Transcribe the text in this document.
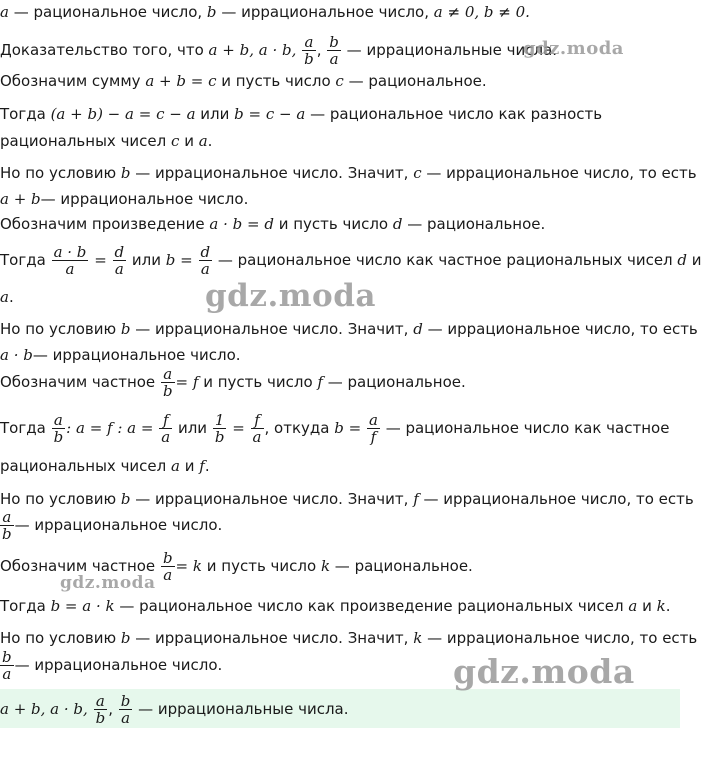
a — рациональное число, b — иррациональное число, a ≠ 0, b ≠ 0.
Доказательство того, что a + b, a · b, $\frac{a}{b}$ , $\frac{b}{a}$ — иррациональные числа.
Обозначим сумму a + b = c и пусть число c — рациональное.
Тогда (a + b) − a = c − a или b = c − a — рациональное число как разность
рациональных чисел c и a.
Но по условию b — иррациональное число. Значит, c — иррациональное число, то есть
a + b— иррациональное число.
Обозначим произведение a · b = d и пусть число d — рациональное.
Тогда $\frac{a \cdot b}{a} = \frac{d}{a}$ или $b = \frac{d}{a}$ — рациональное число как частное рациональных чисел d и
a.
Но по условию b — иррациональное число. Значит, d — иррациональное число, то есть
a · b— иррациональное число.
Обозначим частное $\frac{a}{b} = f$ и пусть число f — рациональное.
Тогда $\frac{a}{b}$ : a = f : $a = \frac{f}{a}$ или $\frac{1}{b} = \frac{f}{a}$ , откуда $b = \frac{a}{f}$ — рациональное число как частное
рациональных чисел a и f.
Но по условию b — иррациональное число. Значит, f — иррациональное число, то есть
$\frac{a}{b}$ — иррациональное число.
Обозначим частное $\frac{b}{a} = k$ и пусть число k — рациональное.
Тогда b = a · k — рациональное число как произведение рациональных чисел a и k.
Но по условию b — иррациональное число. Значит, k — иррациональное число, то есть
$\frac{b}{a}$ — иррациональное число.
a + b, a · b, $\frac{a}{b}$ , $\frac{b}{a}$ — иррациональные числа.
gdz.moda
gdz.moda
gdz.moda
gdz.moda
